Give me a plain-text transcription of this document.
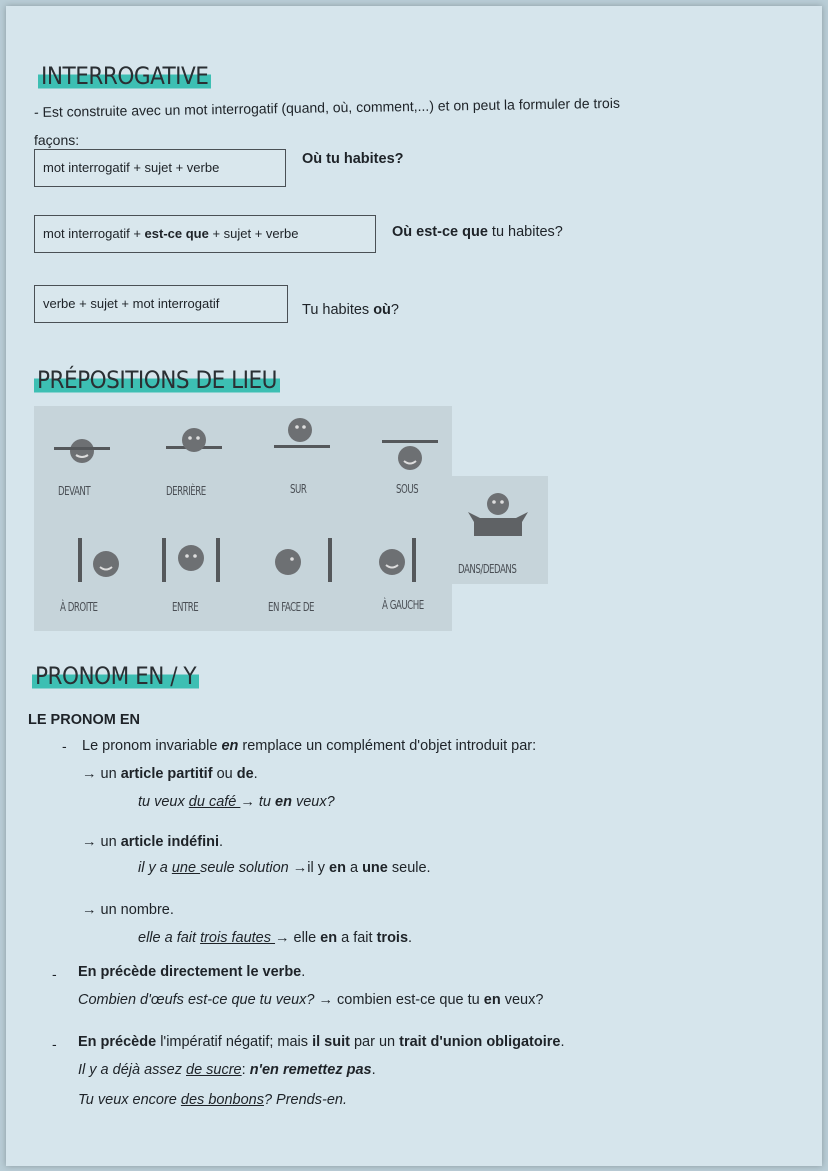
INTERROGATIVE
- Est construite avec un mot interrogatif (quand, où, comment,...) et on peut la formuler de trois
façons:
mot interrogatif + sujet + verbe
Où tu habites?
mot interrogatif + est-ce que + sujet + verbe	Où est-ce que tu habites?
verbe + sujet + mot interrogatif	Tu habites où?
PRÉPOSITIONS DE LIEU
DEVANT	DERRIÈRE	SUR	SOUS
DANS/DEDANS
À DROITE	ENTRE	EN FACE DE	À GAUCHE
PRONOM EN / Y
LE PRONOM EN
- Le pronom invariable en remplace un complément d'objet introduit par:
→ un article partitif ou de.
tu veux du café → tu en veux?
→ un article indéfini.
il y a une seule solution →il y en a une seule.
→ un nombre.
elle a fait trois fautes → elle en a fait trois.
- En précède directement le verbe.
Combien d'œufs est-ce que tu veux? → combien est-ce que tu en veux?
- En précède l'impératif négatif; mais il suit par un trait d'union obligatoire.
Il y a déjà assez de sucre: n'en remettez pas.
Tu veux encore des bonbons? Prends-en.
